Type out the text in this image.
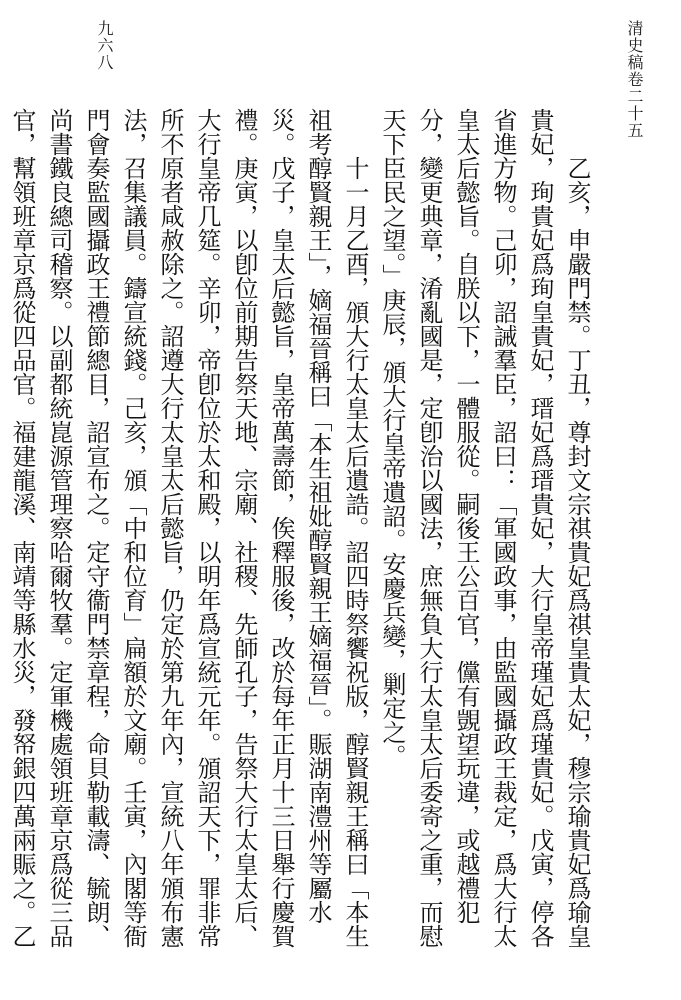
清史稿卷二十五
九六八

乙亥，申嚴門禁。丁丑，尊封文宗祺貴妃爲祺皇貴太妃，穆宗瑜貴妃爲瑜皇貴妃，珣貴妃爲珣皇貴妃，瑨妃爲瑨貴妃，大行皇帝瑾妃爲瑾貴妃。戊寅，停各省進方物。己卯，詔誡羣臣，詔曰：「軍國政事，由監國攝政王裁定，爲大行太皇太后懿旨。自朕以下，一體服從。嗣後王公百官，儻有覬望玩違，或越禮犯分，變更典章，淆亂國是，定卽治以國法，庶無負大行太皇太后委寄之重，而慰天下臣民之望。」庚辰，頒大行皇帝遺詔。安慶兵變，剿定之。

十一月乙酉，頒大行太皇太后遺誥。詔四時祭饗祝版，醇賢親王稱曰「本生祖考醇賢親王」，嫡福晉稱曰「本生祖妣醇賢親王嫡福晉」。賑湖南澧州等屬水災。戊子，皇太后懿旨，皇帝萬壽節，俟釋服後，改於每年正月十三日舉行慶賀禮。庚寅，以卽位前期告祭天地、宗廟、社稷、先師孔子，告祭大行太皇太后、大行皇帝几筵。辛卯，帝卽位於太和殿，以明年爲宣統元年。頒詔天下，罪非常所不原者咸赦除之。詔遵大行太皇太后懿旨，仍定於第九年內，宣統八年頒布憲法，召集議員。鑄宣統錢。己亥，頒「中和位育」扁額於文廟。壬寅，內閣等衙門會奏監國攝政王禮節總目，詔宣布之。定守衞門禁章程，命貝勒載濤、毓朗、尚書鐵良總司稽察。以副都統崑源管理察哈爾牧羣。定軍機處領班章京爲從三品官，幫領班章京爲從四品官。福建龍溪、南靖等縣水災，發帑銀四萬兩賑之。乙
